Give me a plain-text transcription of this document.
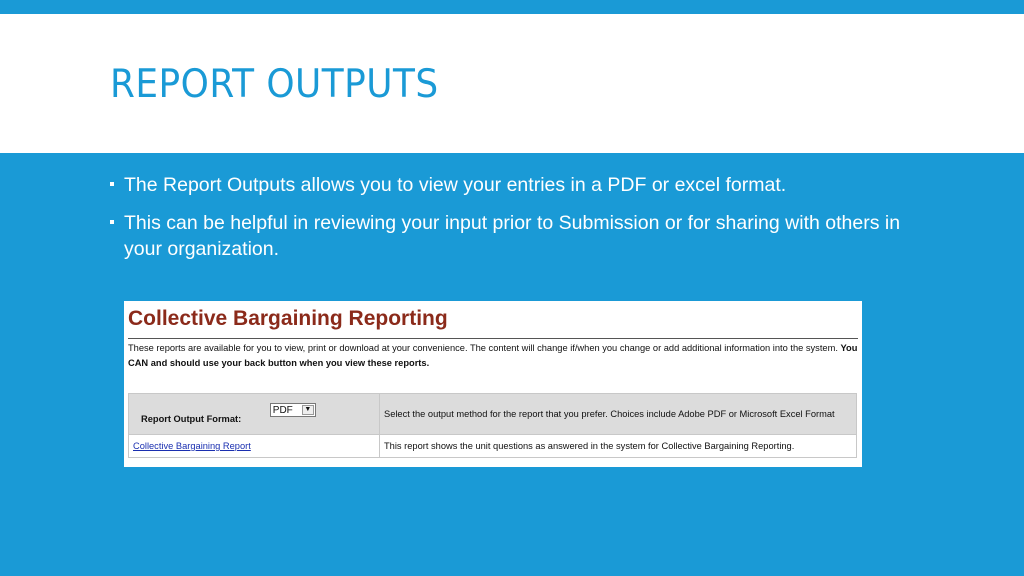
REPORT OUTPUTS
The Report Outputs allows you to view your entries in a PDF or excel format.
This can be helpful in reviewing your input prior to Submission or for sharing with others in your organization.
Collective Bargaining Reporting
These reports are available for you to view, print or download at your convenience. The content will change if/when you change or add additional information into the system. You CAN and should use your back button when you view these reports.
Report Output Format: PDF ▼	Select the output method for the report that you prefer. Choices include Adobe PDF or Microsoft Excel Format
Collective Bargaining Report	This report shows the unit questions as answered in the system for Collective Bargaining Reporting.
